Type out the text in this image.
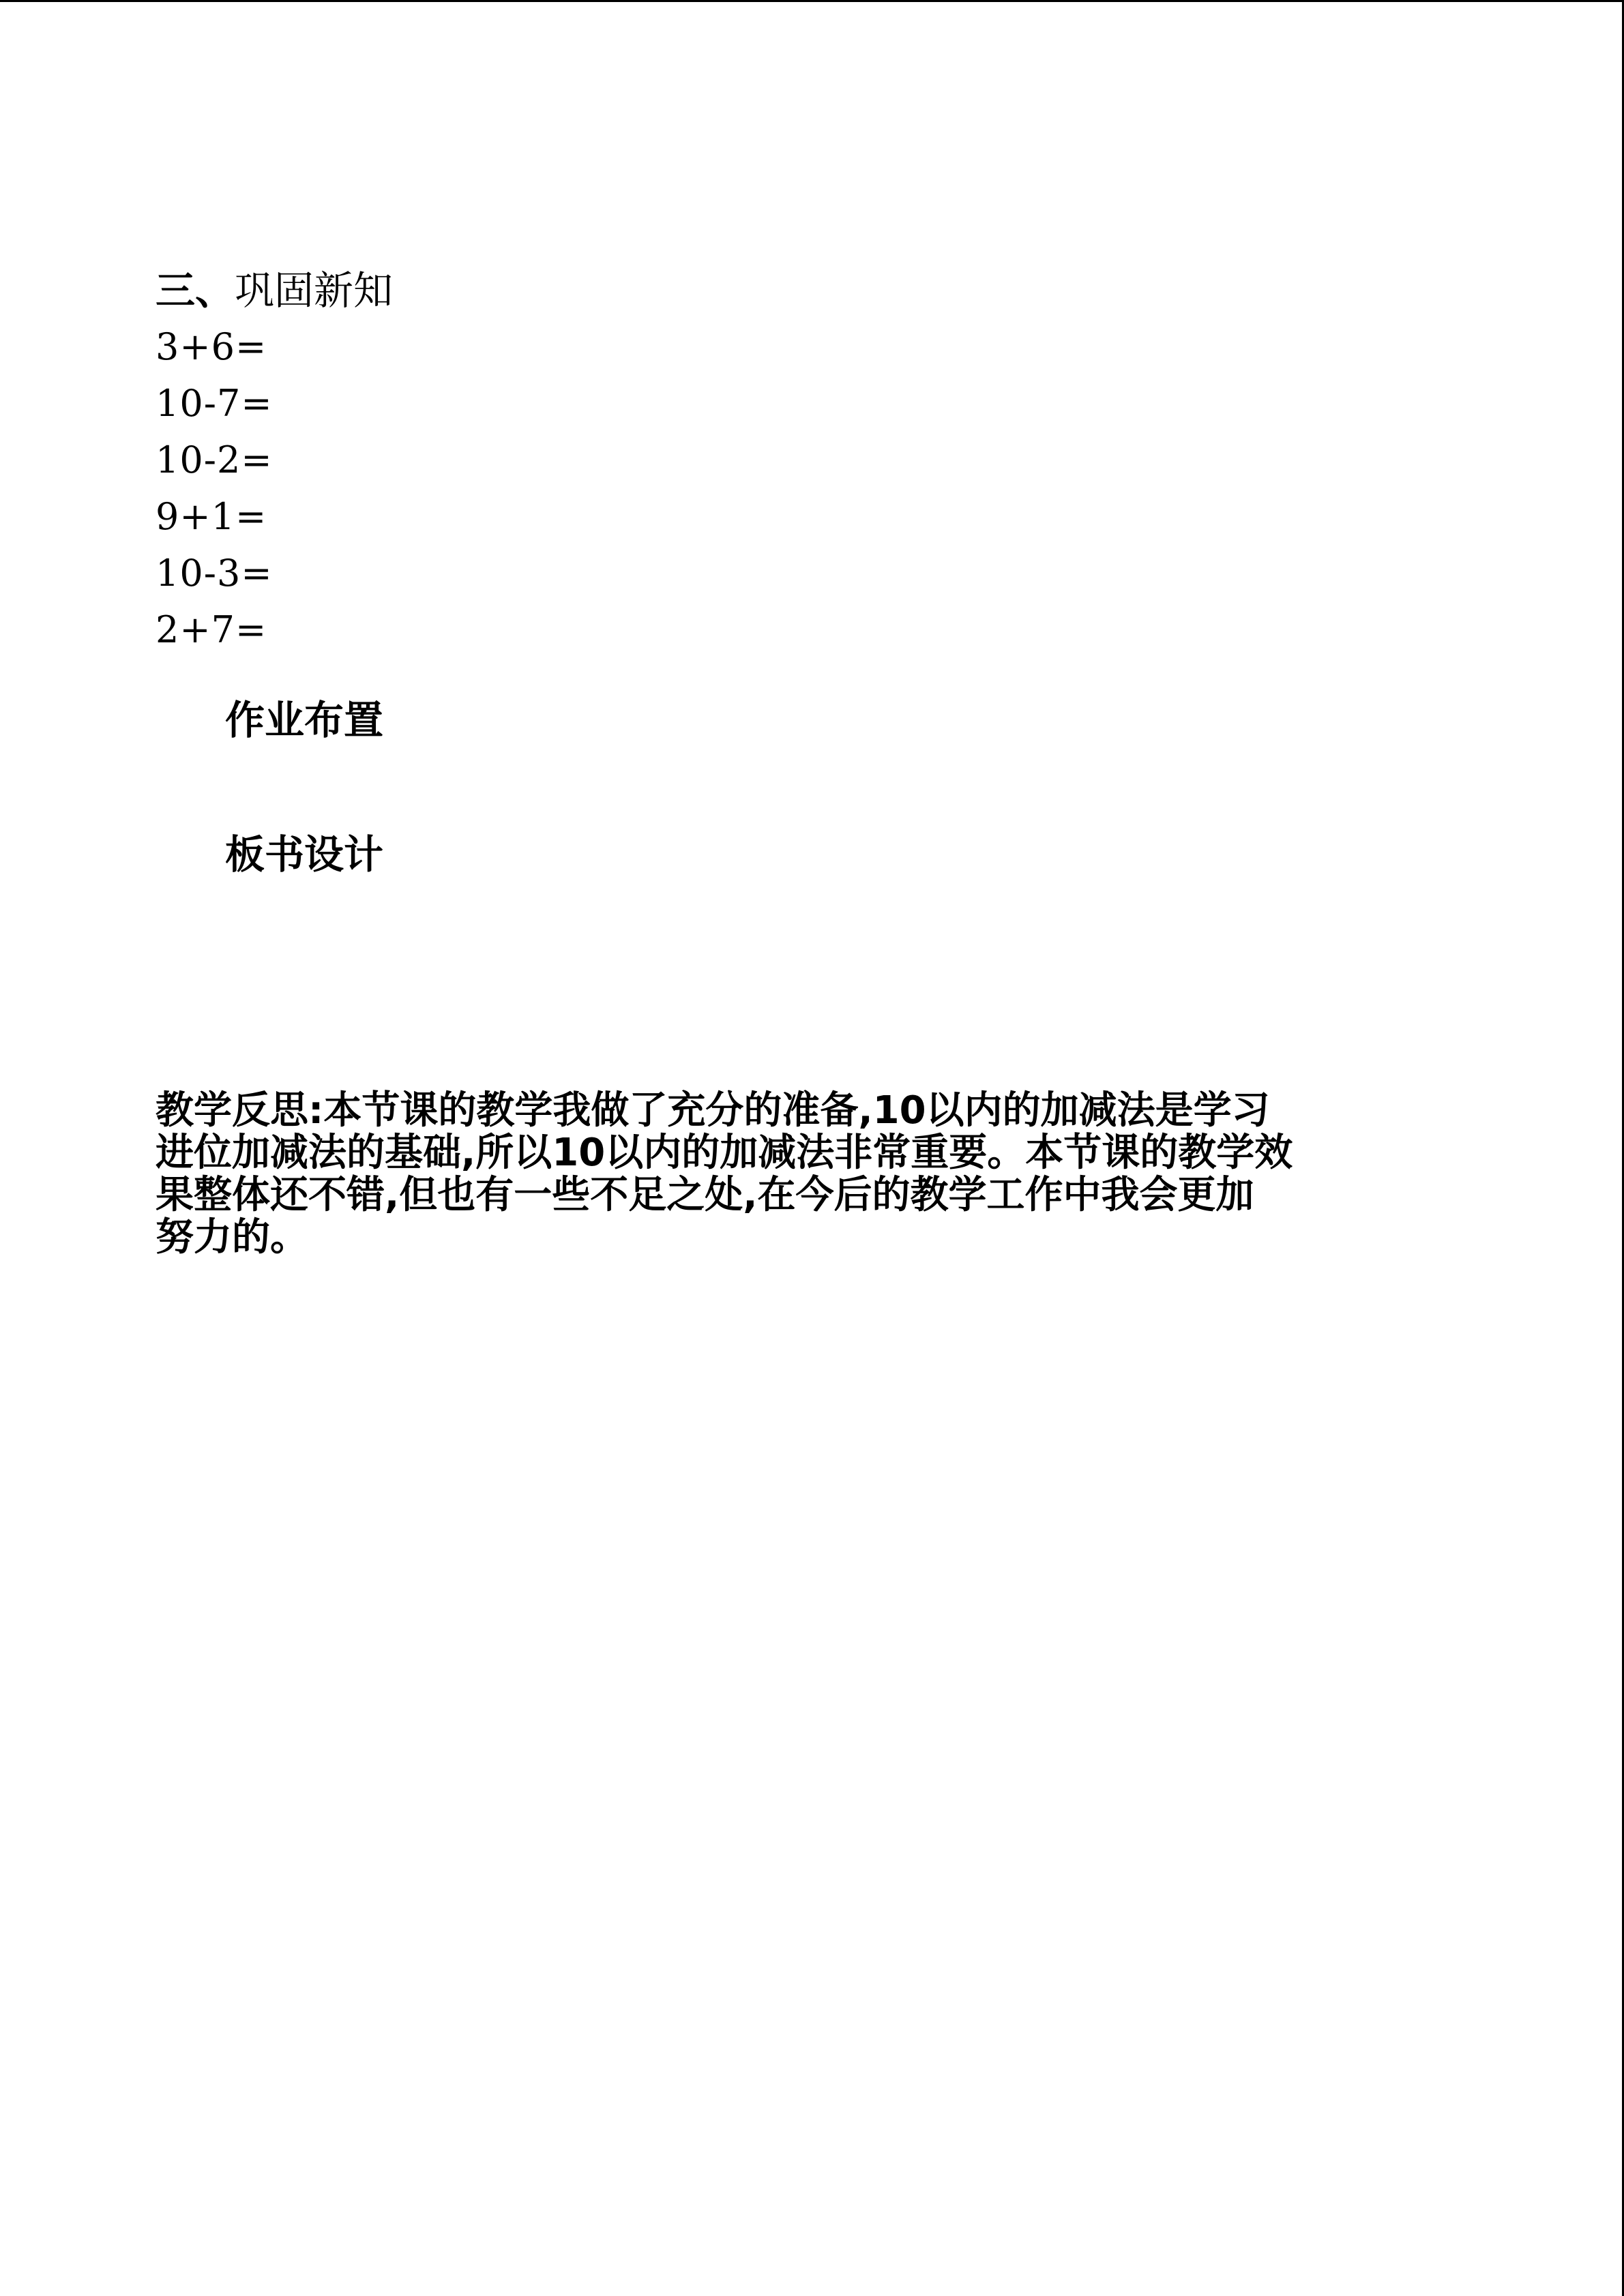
三、巩固新知
3+6=
10-7=
10-2=
9+1=
10-3=
2+7=
作业布置
板书设计
教学反思:本节课的教学我做了充分的准备,10以内的加减法是学习
进位加减法的基础,所以10以内的加减法非常重要。本节课的教学效
果整体还不错,但也有一些不足之处,在今后的教学工作中我会更加
努力的。
